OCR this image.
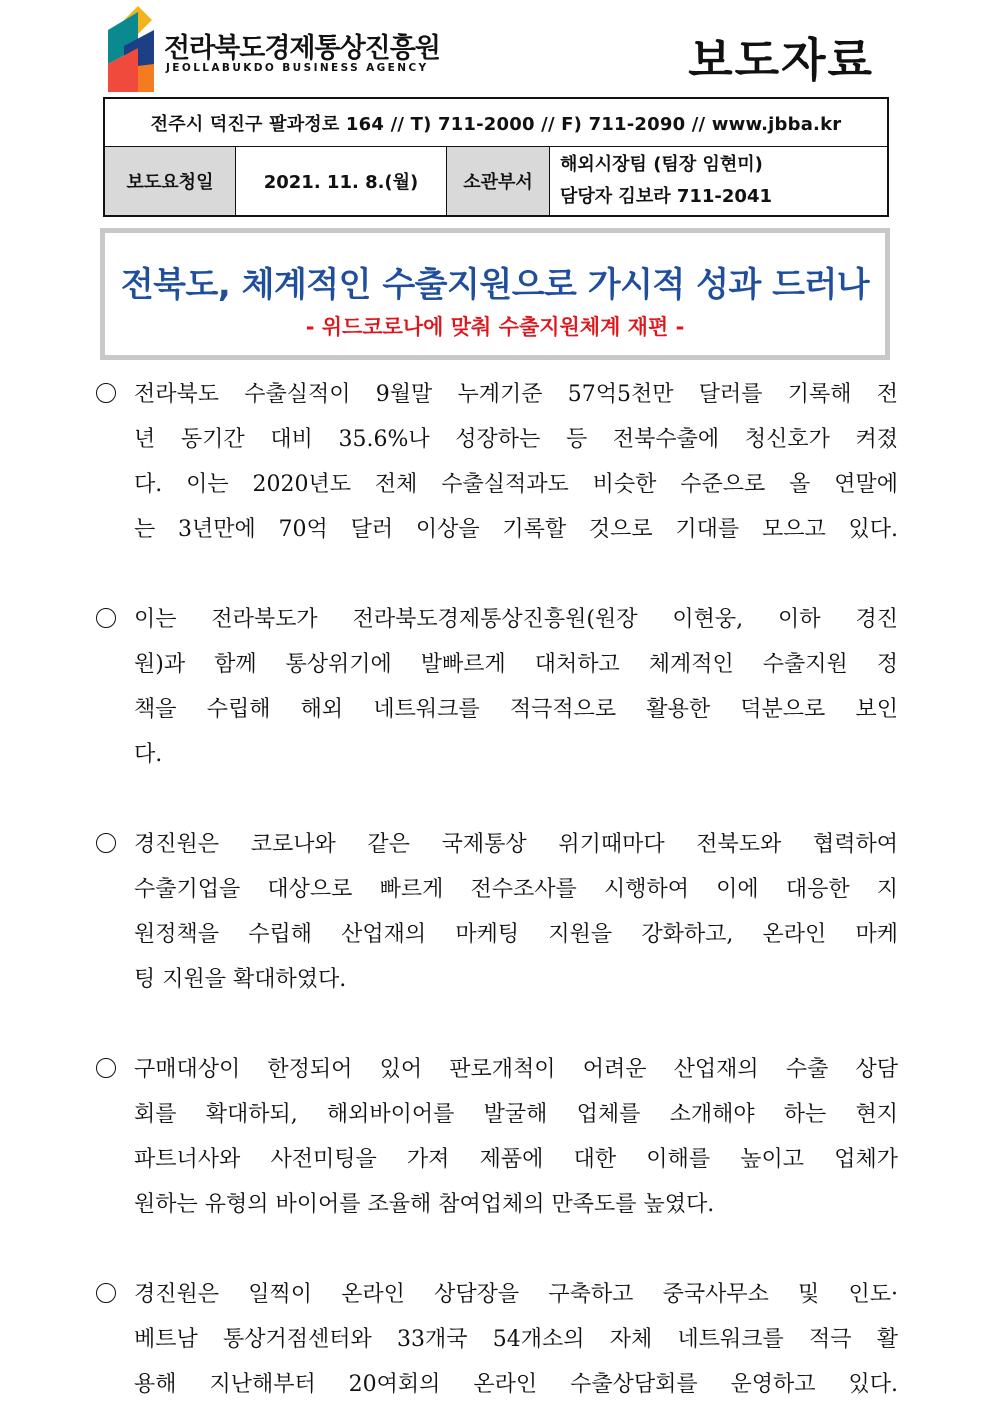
전라북도경제통상진흥원
JEOLLABUKDO BUSINESS AGENCY	보도자료
전주시 덕진구 팔과정로 164 // T) 711-2000 // F) 711-2090 // www.jbba.kr
보도요청일	2021. 11. 8.(월)	소관부서	
해외시장팀 (팀장 임현미)
담당자 김보라 711-2041
전북도, 체계적인 수출지원으로 가시적 성과 드러나
- 위드코로나에 맞춰 수출지원체계 재편 -
전라북도 수출실적이 9월말 누계기준 57억5천만 달러를 기록해 전
년 동기간 대비 35.6%나 성장하는 등 전북수출에 청신호가 켜졌
다. 이는 2020년도 전체 수출실적과도 비슷한 수준으로 올 연말에
는 3년만에 70억 달러 이상을 기록할 것으로 기대를 모으고 있다.
이는 전라북도가 전라북도경제통상진흥원(원장 이현웅, 이하 경진
원)과 함께 통상위기에 발빠르게 대처하고 체계적인 수출지원 정
책을 수립해 해외 네트워크를 적극적으로 활용한 덕분으로 보인
다.
경진원은 코로나와 같은 국제통상 위기때마다 전북도와 협력하여
수출기업을 대상으로 빠르게 전수조사를 시행하여 이에 대응한 지
원정책을 수립해 산업재의 마케팅 지원을 강화하고, 온라인 마케
팅 지원을 확대하였다.
구매대상이 한정되어 있어 판로개척이 어려운 산업재의 수출 상담
회를 확대하되, 해외바이어를 발굴해 업체를 소개해야 하는 현지
파트너사와 사전미팅을 가져 제품에 대한 이해를 높이고 업체가
원하는 유형의 바이어를 조율해 참여업체의 만족도를 높였다.
경진원은 일찍이 온라인 상담장을 구축하고 중국사무소 및 인도·
베트남 통상거점센터와 33개국 54개소의 자체 네트워크를 적극 활
용해 지난해부터 20여회의 온라인 수출상담회를 운영하고 있다.
